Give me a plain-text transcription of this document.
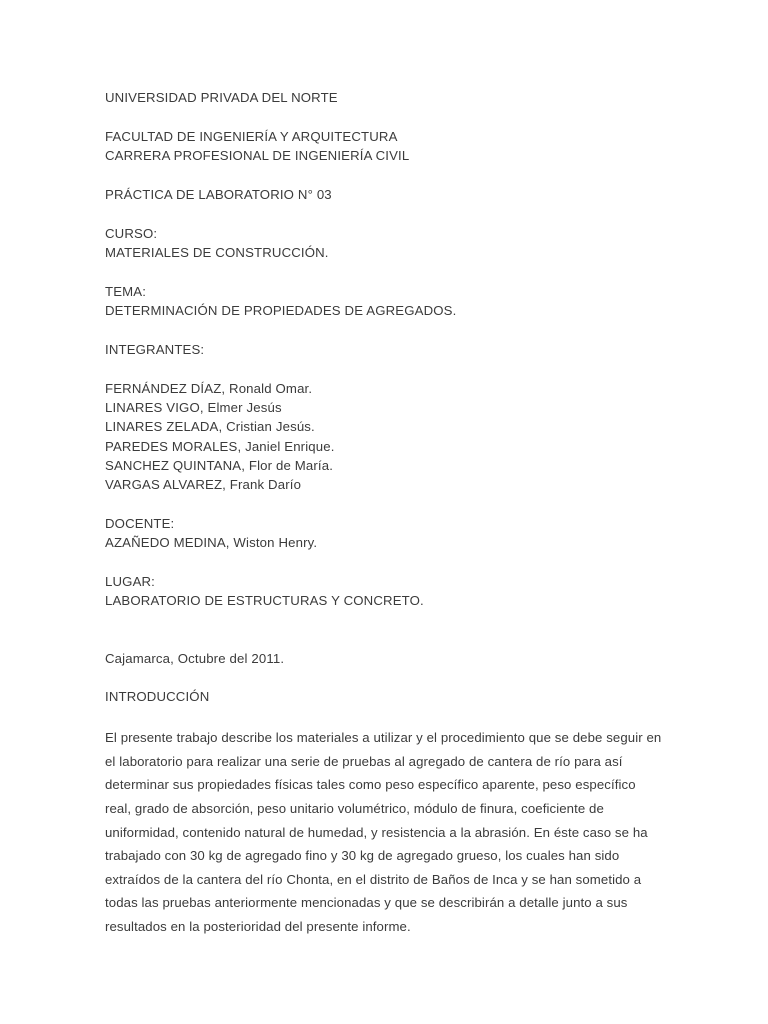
UNIVERSIDAD PRIVADA DEL NORTE
FACULTAD DE INGENIERÍA Y ARQUITECTURA
CARRERA PROFESIONAL DE INGENIERÍA CIVIL
PRÁCTICA DE LABORATORIO N° 03
CURSO:
MATERIALES DE CONSTRUCCIÓN.
TEMA:
DETERMINACIÓN DE PROPIEDADES DE AGREGADOS.
INTEGRANTES:
FERNÁNDEZ DÍAZ, Ronald Omar.
LINARES VIGO, Elmer Jesús
LINARES ZELADA, Cristian Jesús.
PAREDES MORALES, Janiel Enrique.
SANCHEZ QUINTANA, Flor de María.
VARGAS ALVAREZ, Frank Darío
DOCENTE:
AZAÑEDO MEDINA, Wiston Henry.
LUGAR:
LABORATORIO DE ESTRUCTURAS Y CONCRETO.
Cajamarca, Octubre del 2011.
INTRODUCCIÓN
El presente trabajo describe los materiales a utilizar y el procedimiento que se debe seguir en el laboratorio para realizar una serie de pruebas al agregado de cantera de río para así determinar sus propiedades físicas tales como peso específico aparente, peso específico real, grado de absorción, peso unitario volumétrico, módulo de finura, coeficiente de uniformidad, contenido natural de humedad, y resistencia a la abrasión. En éste caso se ha trabajado con 30 kg de agregado fino y 30 kg de agregado grueso, los cuales han sido extraídos de la cantera del río Chonta, en el distrito de Baños de Inca y se han sometido a todas las pruebas anteriormente mencionadas y que se describirán a detalle junto a sus resultados en la posterioridad del presente informe.
